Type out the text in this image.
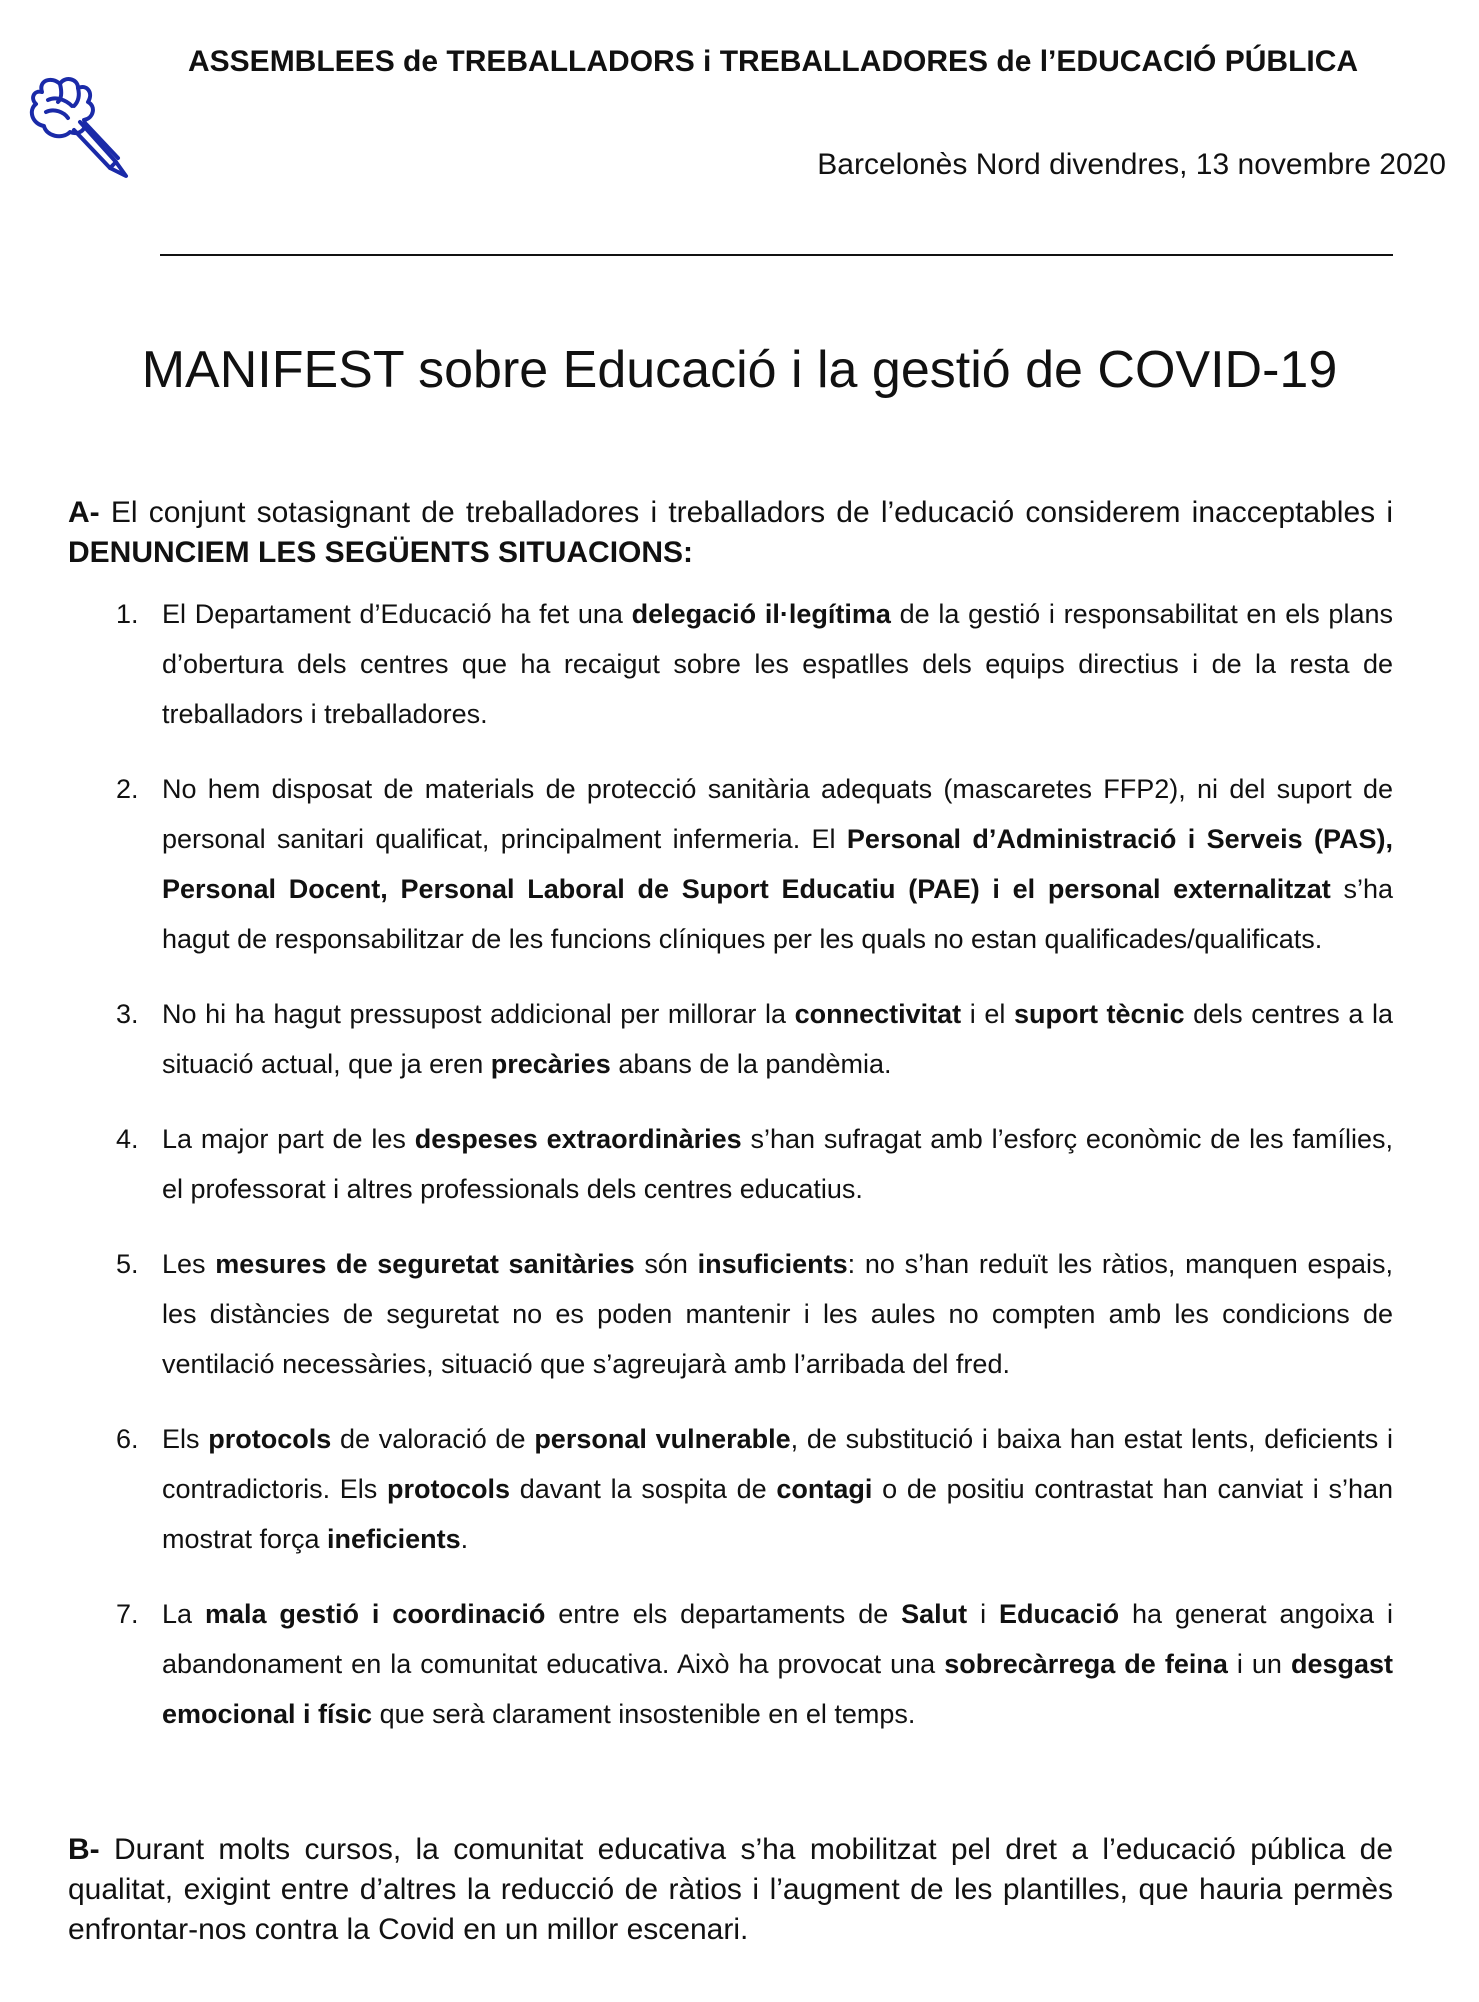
ASSEMBLEES de TREBALLADORS i TREBALLADORES de l’EDUCACIÓ PÚBLICA
Barcelonès Nord divendres, 13 novembre 2020
MANIFEST sobre Educació i la gestió de COVID-19
A- El conjunt sotasignant de treballadores i treballadors de l’educació considerem inacceptables i DENUNCIEM LES SEGÜENTS SITUACIONS:
1. El Departament d’Educació ha fet una delegació il·legítima de la gestió i responsabilitat en els plans d’obertura dels centres que ha recaigut sobre les espatlles dels equips directius i de la resta de treballadors i treballadores.
2. No hem disposat de materials de protecció sanitària adequats (mascaretes FFP2), ni del suport de personal sanitari qualificat, principalment infermeria. El Personal d’Administració i Serveis (PAS), Personal Docent, Personal Laboral de Suport Educatiu (PAE) i el personal externalitzat s’ha hagut de responsabilitzar de les funcions clíniques per les quals no estan qualificades/qualificats.
3. No hi ha hagut pressupost addicional per millorar la connectivitat i el suport tècnic dels centres a la situació actual, que ja eren precàries abans de la pandèmia.
4. La major part de les despeses extraordinàries s’han sufragat amb l’esforç econòmic de les famílies, el professorat i altres professionals dels centres educatius.
5. Les mesures de seguretat sanitàries són insuficients: no s’han reduït les ràtios, manquen espais, les distàncies de seguretat no es poden mantenir i les aules no compten amb les condicions de ventilació necessàries, situació que s’agreujarà amb l’arribada del fred.
6. Els protocols de valoració de personal vulnerable, de substitució i baixa han estat lents, deficients i contradictoris. Els protocols davant la sospita de contagi o de positiu contrastat han canviat i s’han mostrat força ineficients.
7. La mala gestió i coordinació entre els departaments de Salut i Educació ha generat angoixa i abandonament en la comunitat educativa. Això ha provocat una sobrecàrrega de feina i un desgast emocional i físic que serà clarament insostenible en el temps.
B- Durant molts cursos, la comunitat educativa s’ha mobilitzat pel dret a l’educació pública de qualitat, exigint entre d’altres la reducció de ràtios i l’augment de les plantilles, que hauria permès enfrontar-nos contra la Covid en un millor escenari.
